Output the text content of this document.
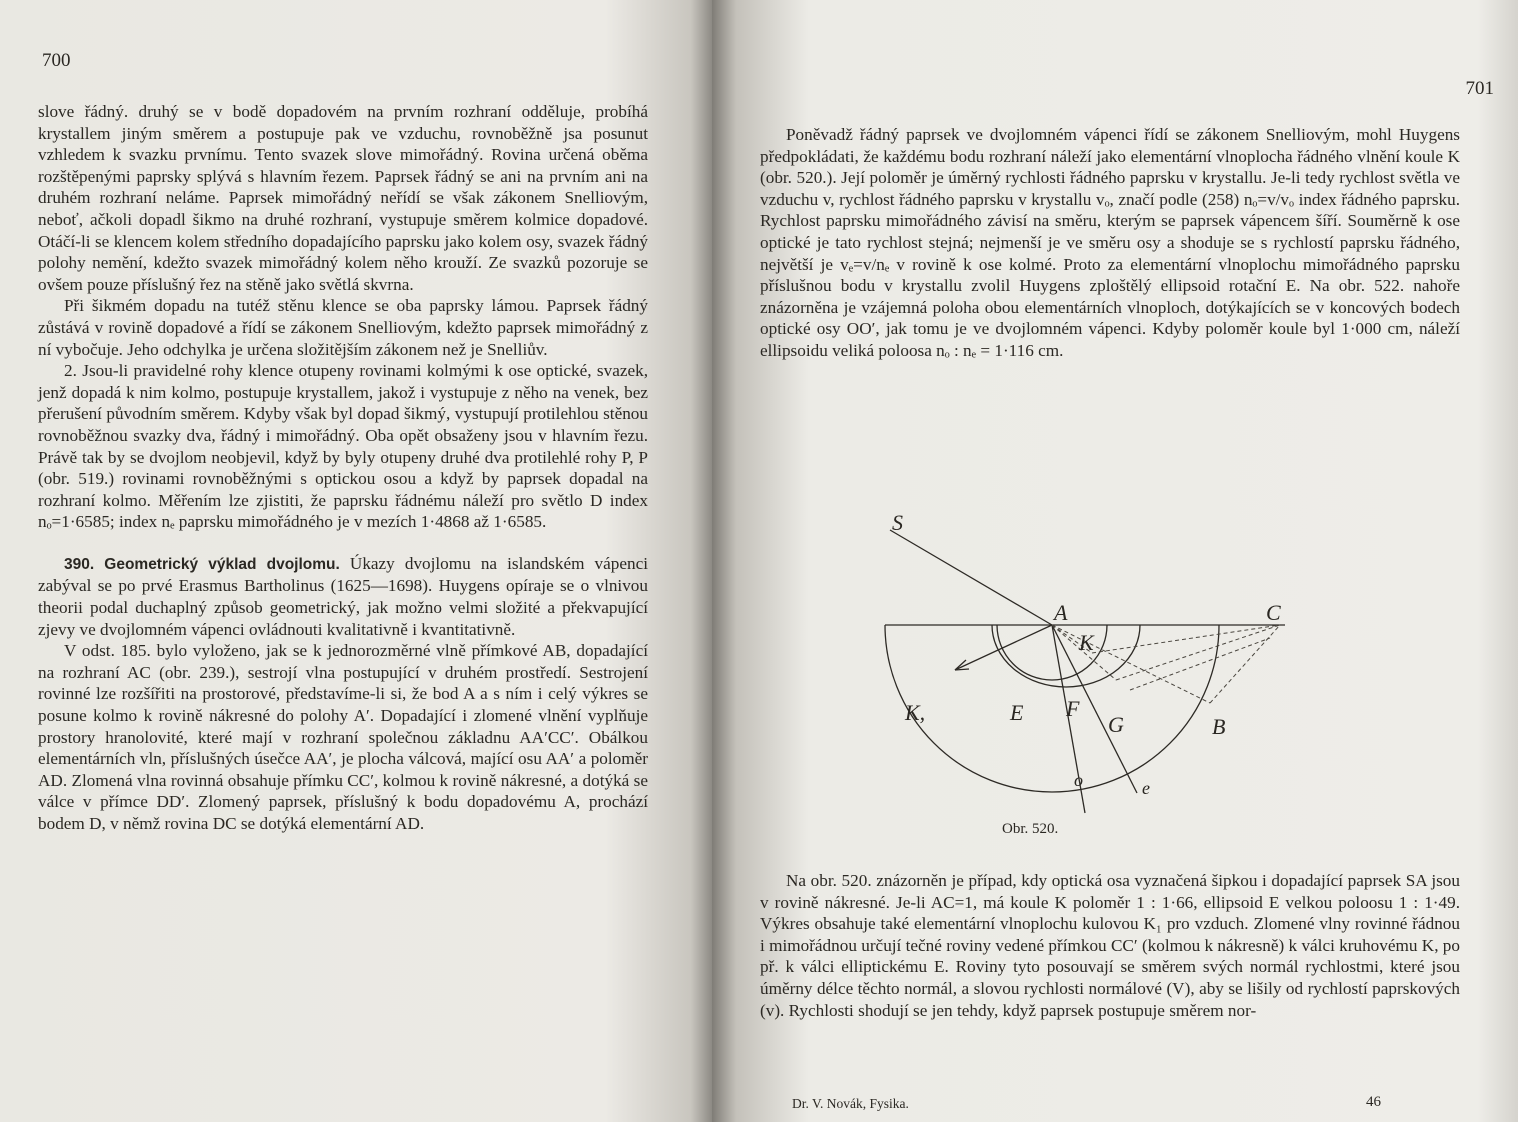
700

slove řádný. druhý se v bodě dopadovém na prvním rozhraní odděluje, probíhá krystallem jiným směrem a postupuje pak ve vzduchu, rovnoběžně jsa posunut vzhledem k svazku prvnímu. Tento svazek slove mimořádný. Rovina určená oběma rozštěpenými paprsky splývá s hlavním řezem. Paprsek řádný se ani na prvním ani na druhém rozhraní neláme. Paprsek mimořádný neřídí se však zákonem Snelliovým, neboť, ačkoli dopadl šikmo na druhé rozhraní, vystupuje směrem kolmice dopadové. Otáčí-li se klencem kolem středního dopadajícího paprsku jako kolem osy, svazek řádný polohy nemění, kdežto svazek mimořádný kolem něho krouží. Ze svazků pozoruje se ovšem pouze příslušný řez na stěně jako světlá skvrna.

Při šikmém dopadu na tutéž stěnu klence se oba paprsky lámou. Paprsek řádný zůstává v rovině dopadové a řídí se zákonem Snelliovým, kdežto paprsek mimořádný z ní vybočuje. Jeho odchylka je určena složitějším zákonem než je Snelliův.

2. Jsou-li pravidelné rohy klence otupeny rovinami kolmými k ose optické, svazek, jenž dopadá k nim kolmo, postupuje krystallem, jakož i vystupuje z něho na venek, bez přerušení původním směrem. Kdyby však byl dopad šikmý, vystupují protilehlou stěnou rovnoběžnou svazky dva, řádný i mimořádný. Oba opět obsaženy jsou v hlavním řezu. Právě tak by se dvojlom neobjevil, když by byly otupeny druhé dva protilehlé rohy P, P (obr. 519.) rovinami rovnoběžnými s optickou osou a když by paprsek dopadal na rozhraní kolmo. Měřením lze zjistiti, že paprsku řádnému náleží pro světlo D index nₒ=1·6585; index nₑ paprsku mimořádného je v mezích 1·4868 až 1·6585.

390. Geometrický výklad dvojlomu. Úkazy dvojlomu na islandském vápenci zabýval se po prvé Erasmus Bartholinus (1625—1698). Huygens opíraje se o vlnivou theorii podal duchaplný způsob geometrický, jak možno velmi složité a překvapující zjevy ve dvojlomném vápenci ovládnouti kvalitativně i kvantitativně.

V odst. 185. bylo vyloženo, jak se k jednorozměrné vlně přímkové AB, dopadající na rozhraní AC (obr. 239.), sestrojí vlna postupující v druhém prostředí. Sestrojení rovinné lze rozšířiti na prostorové, představíme-li si, že bod A a s ním i celý výkres se posune kolmo k rovině nákresné do polohy A′. Dopadající i zlomené vlnění vyplňuje prostory hranolovité, které mají v rozhraní společnou základnu AA′CC′. Obálkou elementárních vln, příslušných úsečce AA′, je plocha válcová, mající osu AA′ a poloměr AD. Zlomená vlna rovinná obsahuje přímku CC′, kolmou k rovině nákresné, a dotýká se válce v přímce DD′. Zlomený paprsek, příslušný k bodu dopadovému A, prochází bodem D, v němž rovina DC se dotýká elementární AD.

701

Poněvadž řádný paprsek ve dvojlomném vápenci řídí se zákonem Snelliovým, mohl Huygens předpokládati, že každému bodu rozhraní náleží jako elementární vlnoplocha řádného vlnění koule K (obr. 520.). Její poloměr je úměrný rychlosti řádného paprsku v krystallu. Je-li tedy rychlost světla ve vzduchu v, rychlost řádného paprsku v krystallu vₒ, značí podle (258) nₒ=v/vₒ index řádného paprsku. Rychlost paprsku mimořádného závisí na směru, kterým se paprsek vápencem šíří. Souměrně k ose optické je tato rychlost stejná; nejmenší je ve směru osy a shoduje se s rychlostí paprsku řádného, největší je vₑ=v/nₑ v rovině k ose kolmé. Proto za elementární vlnoplochu mimořádného paprsku příslušnou bodu v krystallu zvolil Huygens zploštělý ellipsoid rotační E. Na obr. 522. nahoře znázorněna je vzájemná poloha obou elementárních vlnoploch, dotýkajících se v koncových bodech optické osy OO′, jak tomu je ve dvojlomném vápenci. Kdyby poloměr koule byl 1·000 cm, náleží ellipsoidu veliká poloosa nₒ : nₑ = 1·116 cm.

S
A	C
K
K,	E F
G	B
o	e
Obr. 520.

Na obr. 520. znázorněn je případ, kdy optická osa vyznačená šipkou i dopadající paprsek SA jsou v rovině nákresné. Je-li AC=1, má koule K poloměr 1 : 1·66, ellipsoid E velkou poloosu 1 : 1·49. Výkres obsahuje také elementární vlnoplochu kulovou K₁ pro vzduch. Zlomené vlny rovinné řádnou i mimořádnou určují tečné roviny vedené přímkou CC′ (kolmou k nákresně) k válci kruhovému K, po př. k válci elliptickému E. Roviny tyto posouvají se směrem svých normál rychlostmi, které jsou úměrny délce těchto normál, a slovou rychlosti normálové (V), aby se lišily od rychlostí paprskových (v). Rychlosti shodují se jen tehdy, když paprsek postupuje směrem nor-

Dr. V. Novák, Fysika.	46
